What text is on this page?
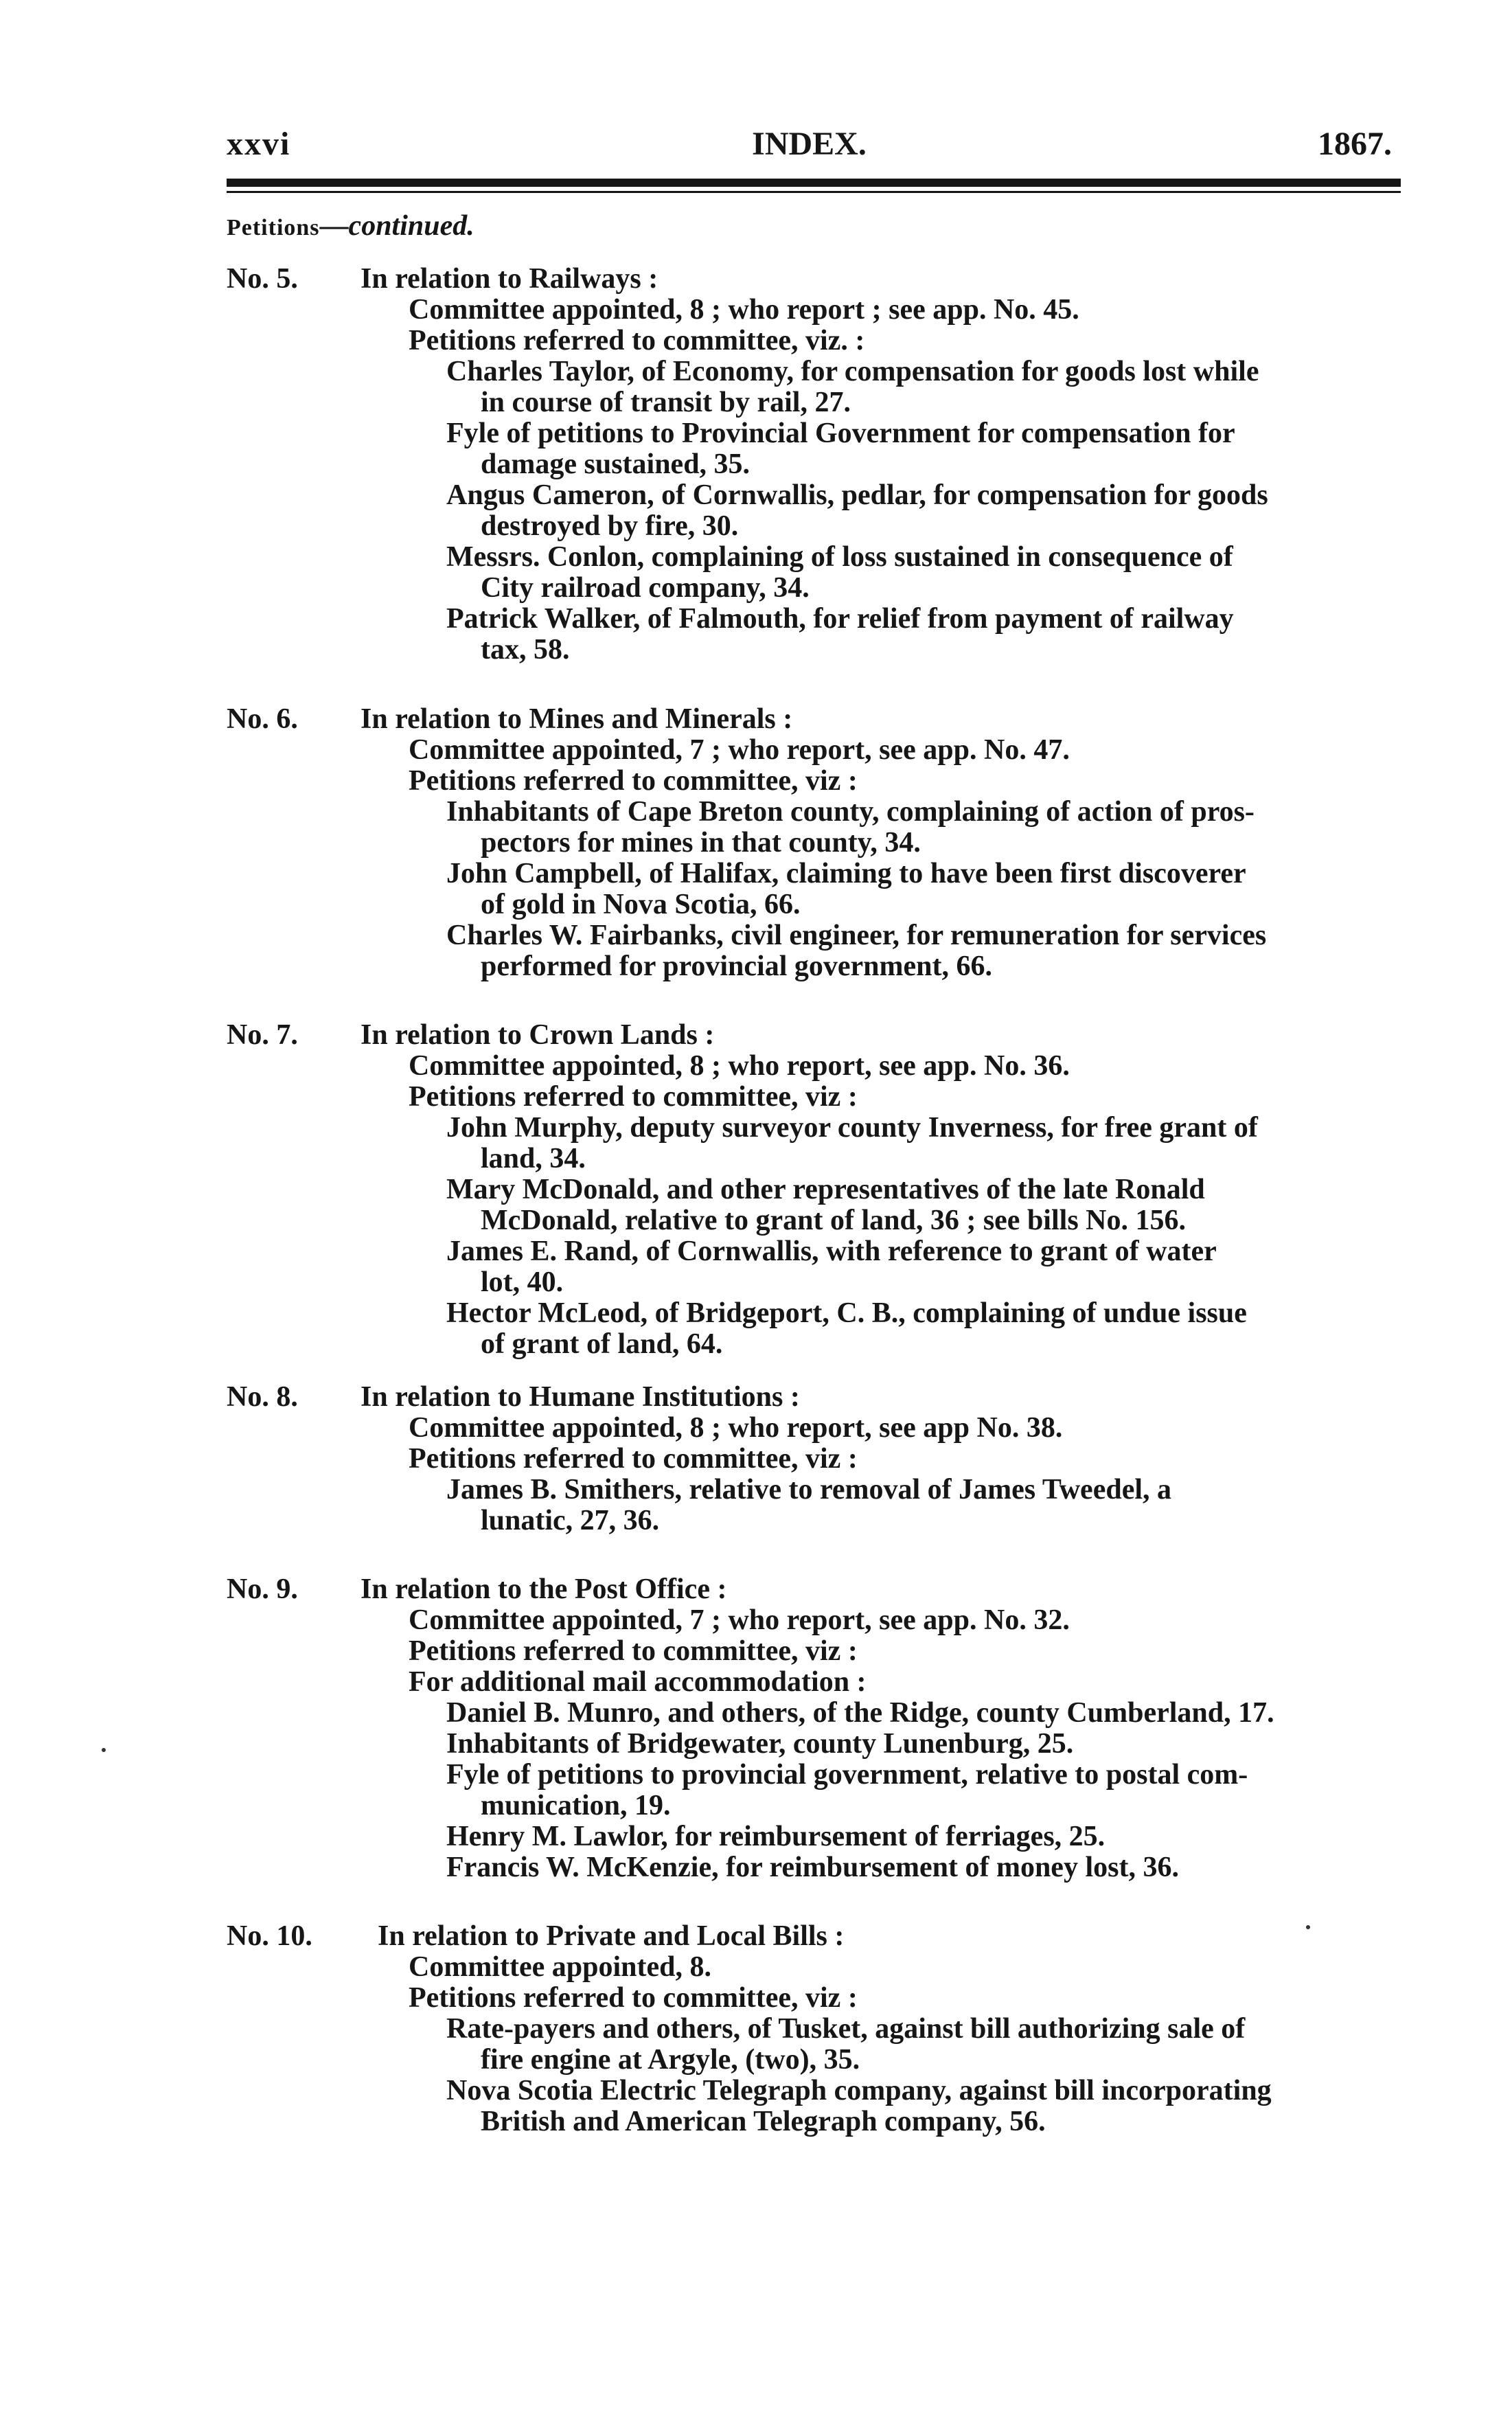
xxvi	INDEX.	1867.
Petitions—continued.
No. 5. In relation to Railways :
Committee appointed, 8 ; who report ; see app. No. 45.
Petitions referred to committee, viz. :
Charles Taylor, of Economy, for compensation for goods lost while
in course of transit by rail, 27.
Fyle of petitions to Provincial Government for compensation for
damage sustained, 35.
Angus Cameron, of Cornwallis, pedlar, for compensation for goods
destroyed by fire, 30.
Messrs. Conlon, complaining of loss sustained in consequence of
City railroad company, 34.
Patrick Walker, of Falmouth, for relief from payment of railway
tax, 58.
No. 6. In relation to Mines and Minerals :
Committee appointed, 7 ; who report, see app. No. 47.
Petitions referred to committee, viz :
Inhabitants of Cape Breton county, complaining of action of pros-
pectors for mines in that county, 34.
John Campbell, of Halifax, claiming to have been first discoverer
of gold in Nova Scotia, 66.
Charles W. Fairbanks, civil engineer, for remuneration for services
performed for provincial government, 66.
No. 7. In relation to Crown Lands :
Committee appointed, 8 ; who report, see app. No. 36.
Petitions referred to committee, viz :
John Murphy, deputy surveyor county Inverness, for free grant of
land, 34.
Mary McDonald, and other representatives of the late Ronald
McDonald, relative to grant of land, 36 ; see bills No. 156.
James E. Rand, of Cornwallis, with reference to grant of water
lot, 40.
Hector McLeod, of Bridgeport, C. B., complaining of undue issue
of grant of land, 64.
No. 8. In relation to Humane Institutions :
Committee appointed, 8 ; who report, see app No. 38.
Petitions referred to committee, viz :
James B. Smithers, relative to removal of James Tweedel, a
lunatic, 27, 36.
No. 9. In relation to the Post Office :
Committee appointed, 7 ; who report, see app. No. 32.
Petitions referred to committee, viz :
For additional mail accommodation :
Daniel B. Munro, and others, of the Ridge, county Cumberland, 17.
Inhabitants of Bridgewater, county Lunenburg, 25.
Fyle of petitions to provincial government, relative to postal com-
munication, 19.
Henry M. Lawlor, for reimbursement of ferriages, 25.
Francis W. McKenzie, for reimbursement of money lost, 36.
No. 10. In relation to Private and Local Bills :
Committee appointed, 8.
Petitions referred to committee, viz :
Rate-payers and others, of Tusket, against bill authorizing sale of
fire engine at Argyle, (two), 35.
Nova Scotia Electric Telegraph company, against bill incorporating
British and American Telegraph company, 56.
